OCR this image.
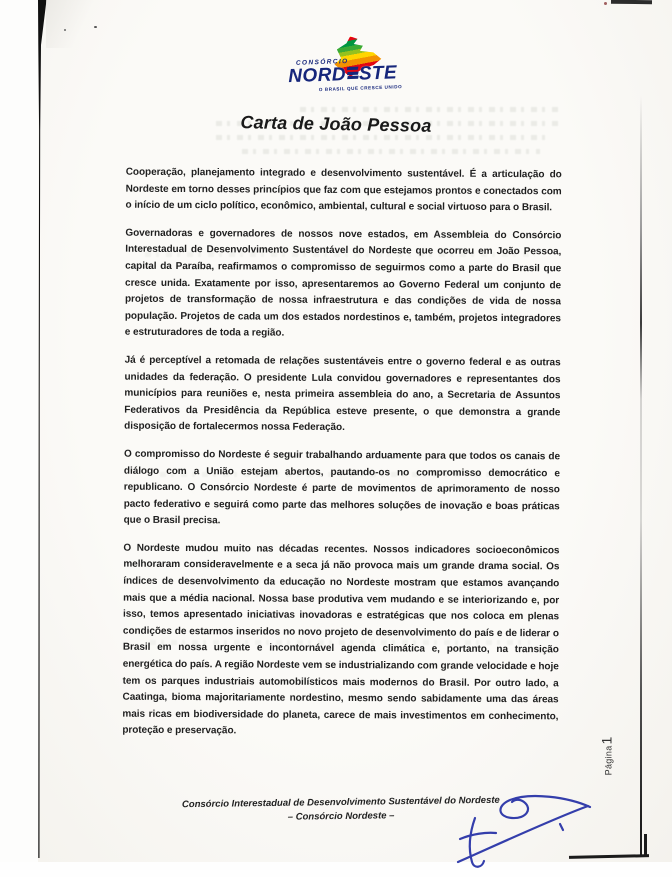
CONSÓRCIO
NORD STE
O BRASIL QUE CRESCE UNIDO
Carta de João Pessoa

Cooperação, planejamento integrado e desenvolvimento sustentável. É a articulação do Nordeste em torno desses princípios que faz com que estejamos prontos e conectados com o início de um ciclo político, econômico, ambiental, cultural e social virtuoso para o Brasil.

Governadoras e governadores de nossos nove estados, em Assembleia do Consórcio Interestadual de Desenvolvimento Sustentável do Nordeste que ocorreu em João Pessoa, capital da Paraíba, reafirmamos o compromisso de seguirmos como a parte do Brasil que cresce unida. Exatamente por isso, apresentaremos ao Governo Federal um conjunto de projetos de transformação de nossa infraestrutura e das condições de vida de nossa população. Projetos de cada um dos estados nordestinos e, também, projetos integradores e estruturadores de toda a região.

Já é perceptível a retomada de relações sustentáveis entre o governo federal e as outras unidades da federação. O presidente Lula convidou governadores e representantes dos municípios para reuniões e, nesta primeira assembleia do ano, a Secretaria de Assuntos Federativos da Presidência da República esteve presente, o que demonstra a grande disposição de fortalecermos nossa Federação.

O compromisso do Nordeste é seguir trabalhando arduamente para que todos os canais de diálogo com a União estejam abertos, pautando-os no compromisso democrático e republicano. O Consórcio Nordeste é parte de movimentos de aprimoramento de nosso pacto federativo e seguirá como parte das melhores soluções de inovação e boas práticas que o Brasil precisa.

O Nordeste mudou muito nas décadas recentes. Nossos indicadores socioeconômicos melhoraram consideravelmente e a seca já não provoca mais um grande drama social. Os índices de desenvolvimento da educação no Nordeste mostram que estamos avançando mais que a média nacional. Nossa base produtiva vem mudando e se interiorizando e, por isso, temos apresentado iniciativas inovadoras e estratégicas que nos coloca em plenas condições de estarmos inseridos no novo projeto de desenvolvimento do país e de liderar o Brasil em nossa urgente e incontornável agenda climática e, portanto, na transição energética do país. A região Nordeste vem se industrializando com grande velocidade e hoje tem os parques industriais automobilísticos mais modernos do Brasil. Por outro lado, a Caatinga, bioma majoritariamente nordestino, mesmo sendo sabidamente uma das áreas mais ricas em biodiversidade do planeta, carece de mais investimentos em conhecimento, proteção e preservação.

Consórcio Interestadual de Desenvolvimento Sustentável do Nordeste
– Consórcio Nordeste –
Página1
